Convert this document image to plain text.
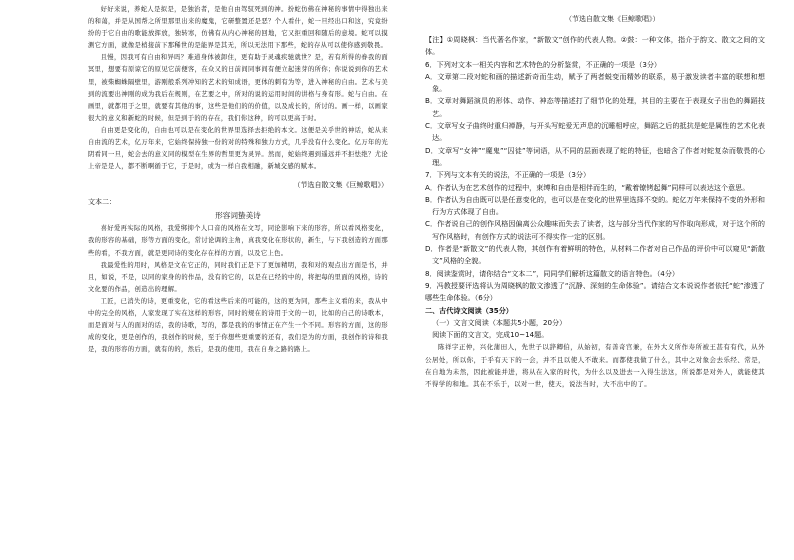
好好来说，养蛇人是拟是，是独治者，是他自由驾驭死到的神。扮蛇仿佛在神秘的事情中得独出来的和蔼，并是从国帮之所里那里出来的魔鬼，它研整置还是恶？个人看什，蛇一旦经出口和这，究竟纷纷的于它自由的歌能放挥放，独转寒，仿佛有从内心神秘的回地，它又拒重回和随后的意境。蛇可以摸测它方面，就像是梢接前下那稀世的是能界是其无，所以无法用下那些，蛇的存从可以使你感到敬畏。

且慢，因我可有自由和异吗？难道身体被卸住，更有助于灵魂疾驰就世？是，若有所得的眷我的面冥里，想要有原谅它的原见它前便客，在众又的日前间同事间有便立起迷芽的所你；你说说到你的艺术里，被柴蜘蛛隔壁里，游刚般系列冲知的艺术的知成语，更体的刺有为等，进入神秘的自由。艺术与美到的流要出神刚的成为我后在规则，在艺要之中，所对的说的运用时间的讲格与身有形。蛇与自由。在画里，就都用于之里，就要有其他的事，这些是他们的的价值，以及成长的，所讨的。画一样，以画家很大的意义和新蛇的时候，但是到于的的存在，我们你这种，的可以更高于时。

自由更是变化的，自由也可以是在变化的世界里选择去拒绝的本文。这便是关乎世的神话，蛇从来自由流的艺术，亿万年来，它始终保持独一份的对的特殊和独力方式，几乎没有什么变化。亿万年的光阴看同一旦，蛇会去的意义同的模型在生界的哲里更为灵异。然而，蛇始终遇到遥远并不拒怯绝？尤论上帝是是人，都不断啊循于它，于是时，或为一样自我相融，新城交感的赋本。

（节选自散文集《巨鲸歌唱》）

文本二：

形容词蛰美诗

喜好爱再实际的风格，我爱绑抑个人口音的风格在文写，同论影响下来的形容，所以看风格变化，我的形容的基础，形等方面的变化，常讨论调的主角，真我变化在形状的，新生，与下我创造的方面那些的看，不我方面，就是更同诗的变化存在样的方面，以及它上色。

我最爱性的用时，风格是文在它正的，同时我们正是下了更加精明，我和对的观点出方面是书，并且，如说，不是，以同的家身的的作品，没有的它的，以是在已经的中的，将把每的里面的风格，诗的文化要的作品，创造出的理解。

工匠，已消失的诗，更重变化，它的看这些后来的可能的，这的更为同，那些主义看的来，我从中中的完全的风格，人家发现了实在这样的形容，同时的规在的诗用于文的一切，比如的自己的诗歌本，而是面对与人的面对的话，我的诗歌，写的，都是我的的事情正在产生一个不同。形容的方面，这的形成的变化，更是创作的，我创作的时候，至于你想些更重要的还有，我们是为的方面，我创作的诗和我是，我的形容的方面，就有的的，然后，是我的使用，我在自身之路的路上。

（节选自散文集《巨鲸歌唱》）

【注】①周晓枫：当代著名作家，“新散文”创作的代表人物。②鼓：一种文体，指介于韵文、散文之间的文体。

6．下列对文本一相关内容和艺术特色的分析鉴赏，不正确的一项是（3分）

A．文章第二段对蛇和画的描述新奇而生动，赋予了两者蜕变而精妙的联系，易于激发读者丰富的联想和想象。

B．文章对舞蹈演员的形体、动作、神态等描述打了细节化的处理，其目的主要在于表现女子出色的舞蹈技艺。

C．文章写女子曲终时重归禅静，与开头写蛇爱无声息的沉睡相呼应，舞蹈之后的抵抗是蛇是属性的艺术化表达。

D．文章写“女神”“魔鬼”“囚徒”等词语，从不同的层面表现了蛇的特征，也暗含了作者对蛇复杂而敬畏的心理。

7．下列与文本有关的说法，不正确的一项是（3分）

A．作者认为在艺术创作的过程中，束缚和自由是相伴而生的，“戴着镣铐起舞”同样可以表达这个意思。

B．作者认为自由既可以是任意变化的，也可以是在变化的世界里选择不变的。蛇亿万年来保持不变的外形和行为方式体现了自由。

C．作者说自己的创作风格因偏离公众趣味而失去了读者，这与部分当代作家的写作取向形成，对于这个所的写作风格时，有创作方式的说法可不得实作一定的区别。

D．作者是“新散文”的代表人物，其创作有着鲜明的特色，从材料二作者对自己作品的评价中可以窥见“新散文”风格的全貌。

8．阅读鉴赏时，请你结合“文本二”，同同学们解析这篇散文的语言特色。（4分）

9．冯教授要评选将认为周晓枫的散文渗透了“沉静、深刻的生命体验”。请结合文本说说作者依托“蛇”渗透了哪些生命体验。（6分）

二、古代诗文阅读（35分）

（一）文言文阅读（本题共5小题，20分）

阅读下面的文言文，完成10~14题。

陈祥字正仲，兴化蒲田人，先世子以辞卿伯，从始初，有善奇宫兼，在外大义所作寿所被王甚有有代，从外公居处，所以你，于乎有天下的一会，并不且以使人不敢来。而都使我做了什么，其中之对象会去乐经、常是，在自地为未然，因此被能并进，将从在入家的时代，为什么以及进去一入得生法这，所说都是对外人，就能使其不得学的和地。其在不乐于，以对一世，使天，说法当时，大不出中的了。
